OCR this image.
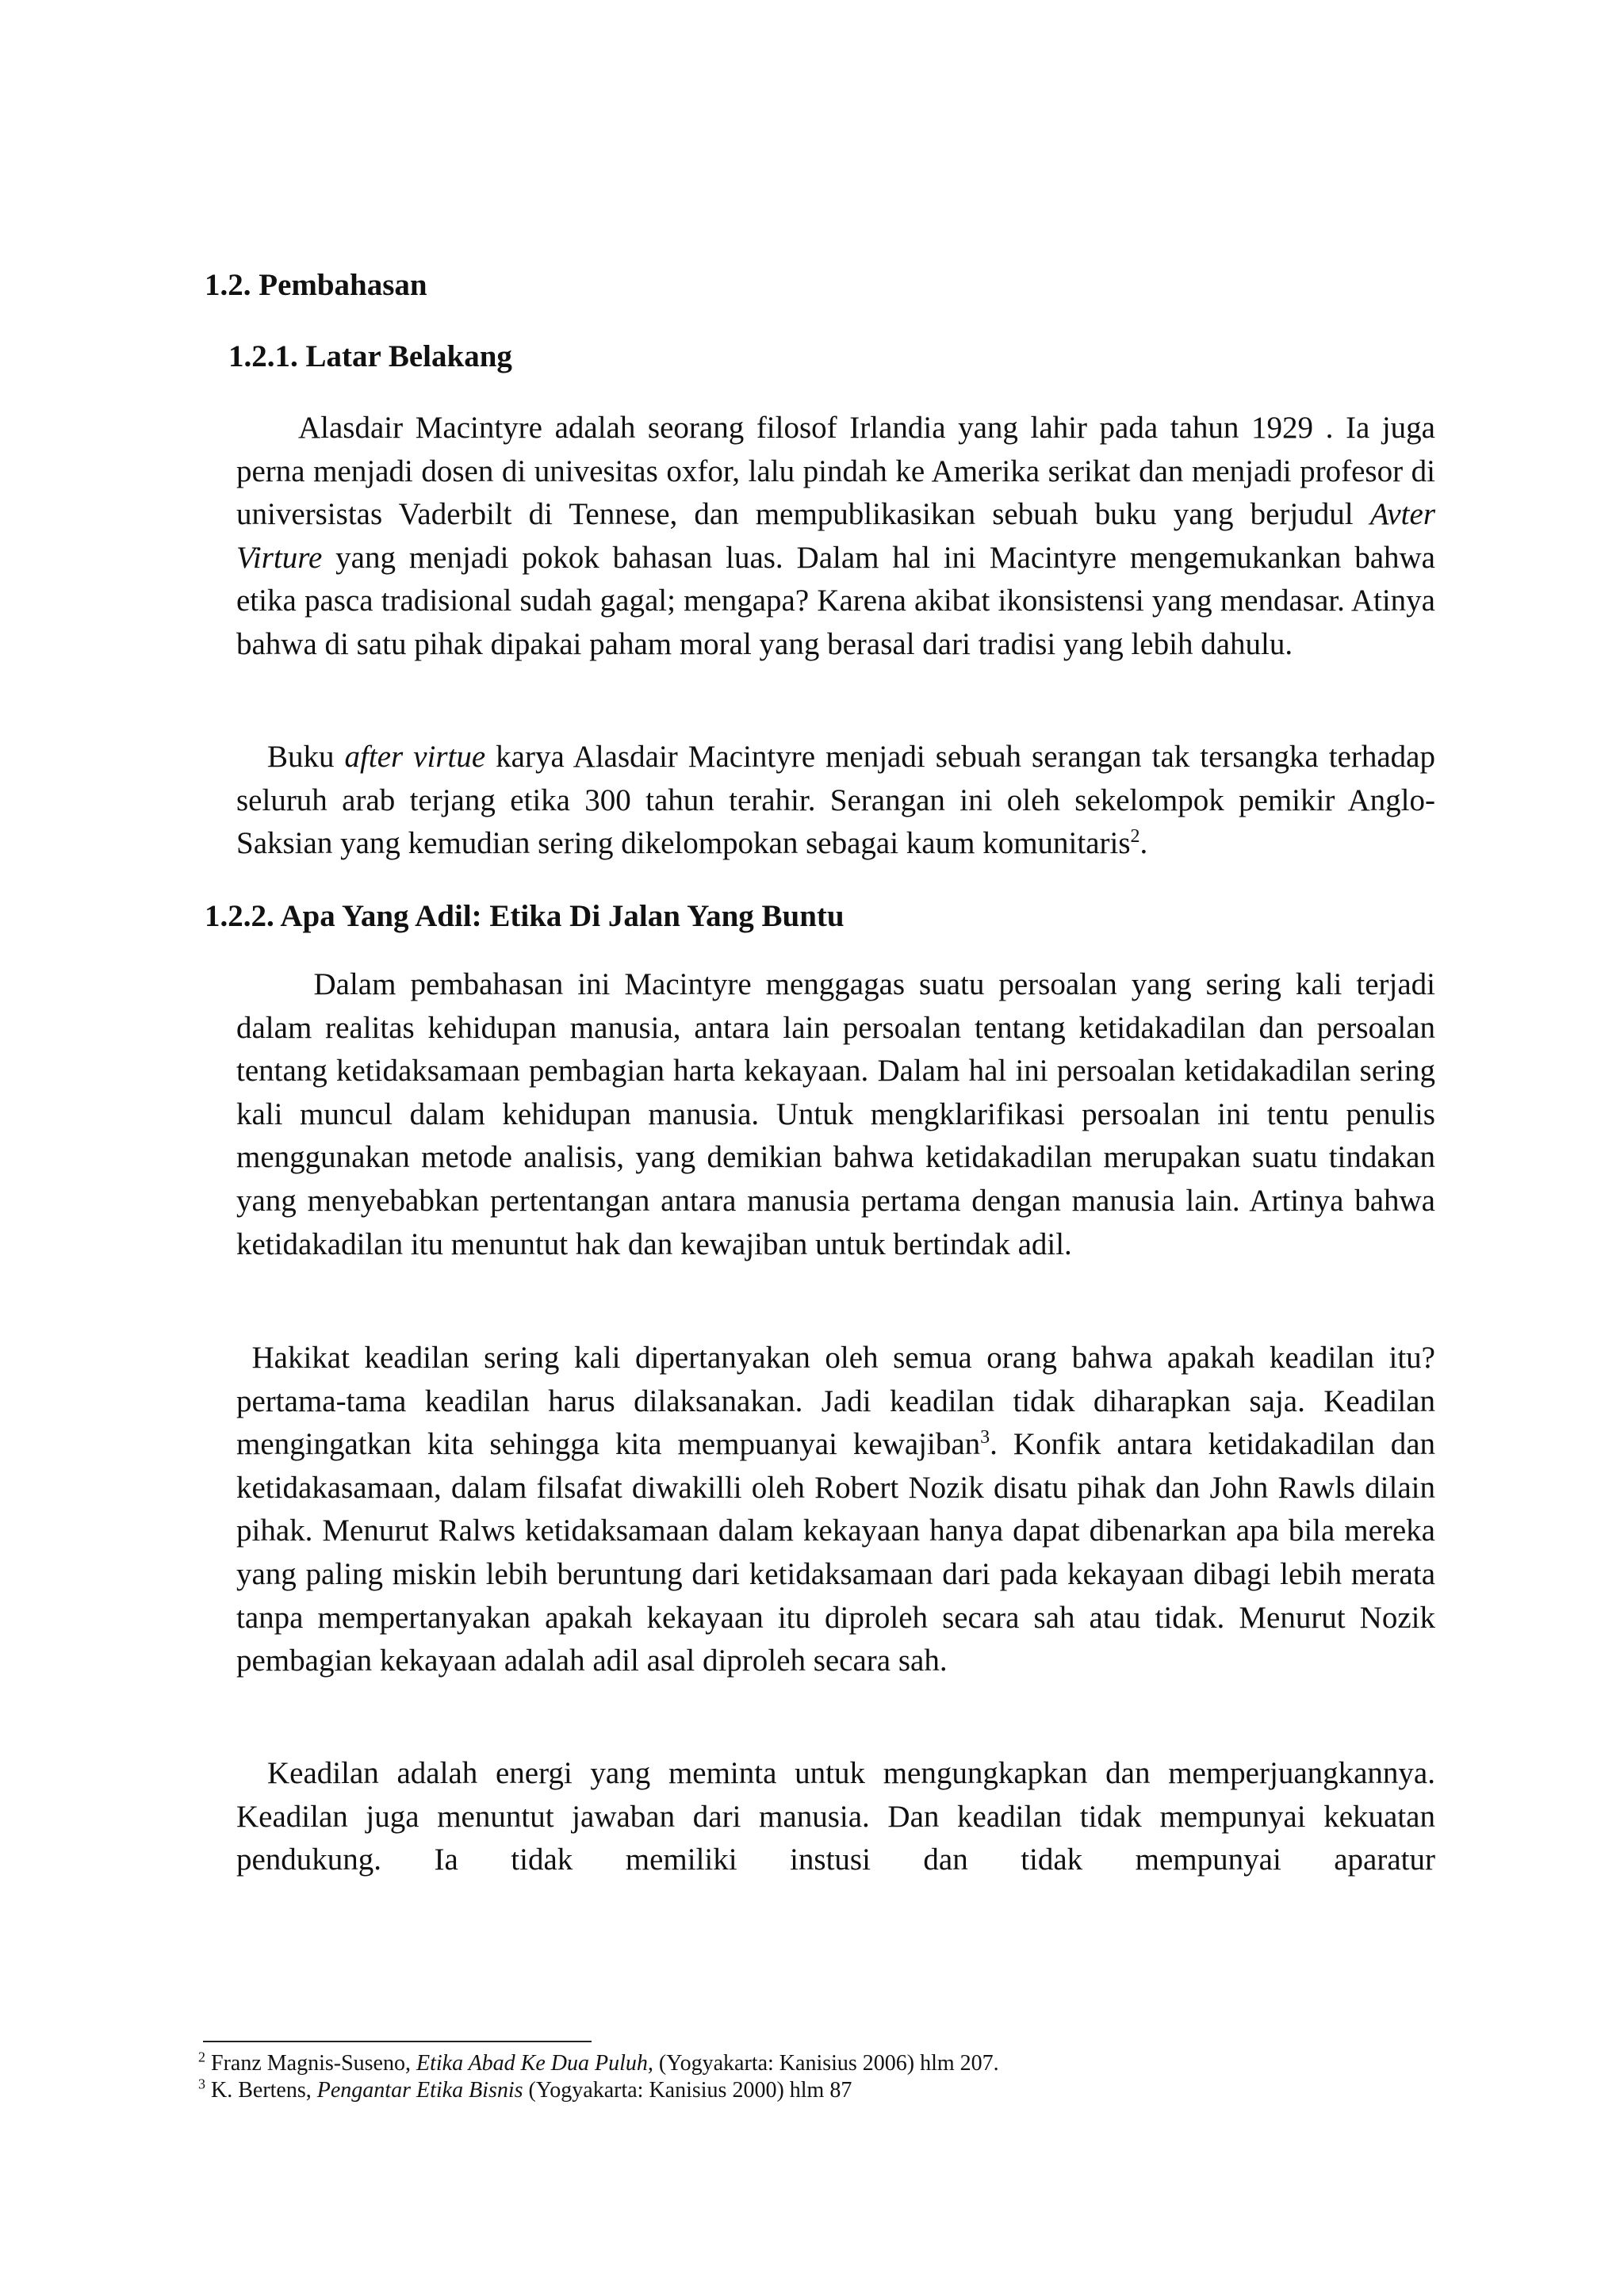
1.2. Pembahasan
1.2.1. Latar Belakang

  Alasdair Macintyre adalah seorang filosof Irlandia yang lahir pada tahun 1929 . Ia juga perna menjadi dosen di univesitas oxfor, lalu pindah ke Amerika serikat dan menjadi profesor di universistas Vaderbilt di Tennese, dan mempublikasikan sebuah buku yang berjudul Avter Virture yang menjadi pokok bahasan luas. Dalam hal ini Macintyre mengemukankan bahwa etika pasca tradisional sudah gagal; mengapa? Karena akibat ikonsistensi yang mendasar. Atinya bahwa di satu pihak dipakai paham moral yang berasal dari tradisi yang lebih dahulu.

 Buku after virtue karya Alasdair Macintyre menjadi sebuah serangan tak tersangka terhadap seluruh arab terjang etika 300 tahun terahir. Serangan ini oleh sekelompok pemikir Anglo-Saksian yang kemudian sering dikelompokan sebagai kaum komunitaris$^2$.

1.2.2. Apa Yang Adil: Etika Di Jalan Yang Buntu

   Dalam pembahasan ini Macintyre menggagas suatu persoalan yang sering kali terjadi dalam realitas kehidupan manusia, antara lain persoalan tentang ketidakadilan dan persoalan tentang ketidaksamaan pembagian harta kekayaan. Dalam hal ini persoalan ketidakadilan sering kali muncul dalam kehidupan manusia. Untuk mengklarifikasi persoalan ini tentu penulis menggunakan metode analisis, yang demikian bahwa ketidakadilan merupakan suatu tindakan yang menyebabkan pertentangan antara manusia pertama dengan manusia lain. Artinya bahwa ketidakadilan itu menuntut hak dan kewajiban untuk bertindak adil.

 Hakikat keadilan sering kali dipertanyakan oleh semua orang bahwa apakah keadilan itu? pertama-tama keadilan harus dilaksanakan. Jadi keadilan tidak diharapkan saja. Keadilan mengingatkan kita sehingga kita mempuanyai kewajiban$^3$. Konfik antara ketidakadilan dan ketidakasamaan, dalam filsafat diwakilli oleh Robert Nozik disatu pihak dan John Rawls dilain pihak. Menurut Ralws ketidaksamaan dalam kekayaan hanya dapat dibenarkan apa bila mereka yang paling miskin lebih beruntung dari ketidaksamaan dari pada kekayaan dibagi lebih merata tanpa mempertanyakan apakah kekayaan itu diproleh secara sah atau tidak. Menurut Nozik pembagian kekayaan adalah adil asal diproleh secara sah.

 Keadilan adalah energi yang meminta untuk mengungkapkan dan memperjuangkannya. Keadilan juga menuntut jawaban dari manusia. Dan keadilan tidak mempunyai kekuatan pendukung. Ia tidak memiliki instusi dan tidak mempunyai aparatur

$^2$ Franz Magnis-Suseno, Etika Abad Ke Dua Puluh, (Yogyakarta: Kanisius 2006) hlm 207.

$^3$ K. Bertens, Pengantar Etika Bisnis (Yogyakarta: Kanisius 2000) hlm 87
